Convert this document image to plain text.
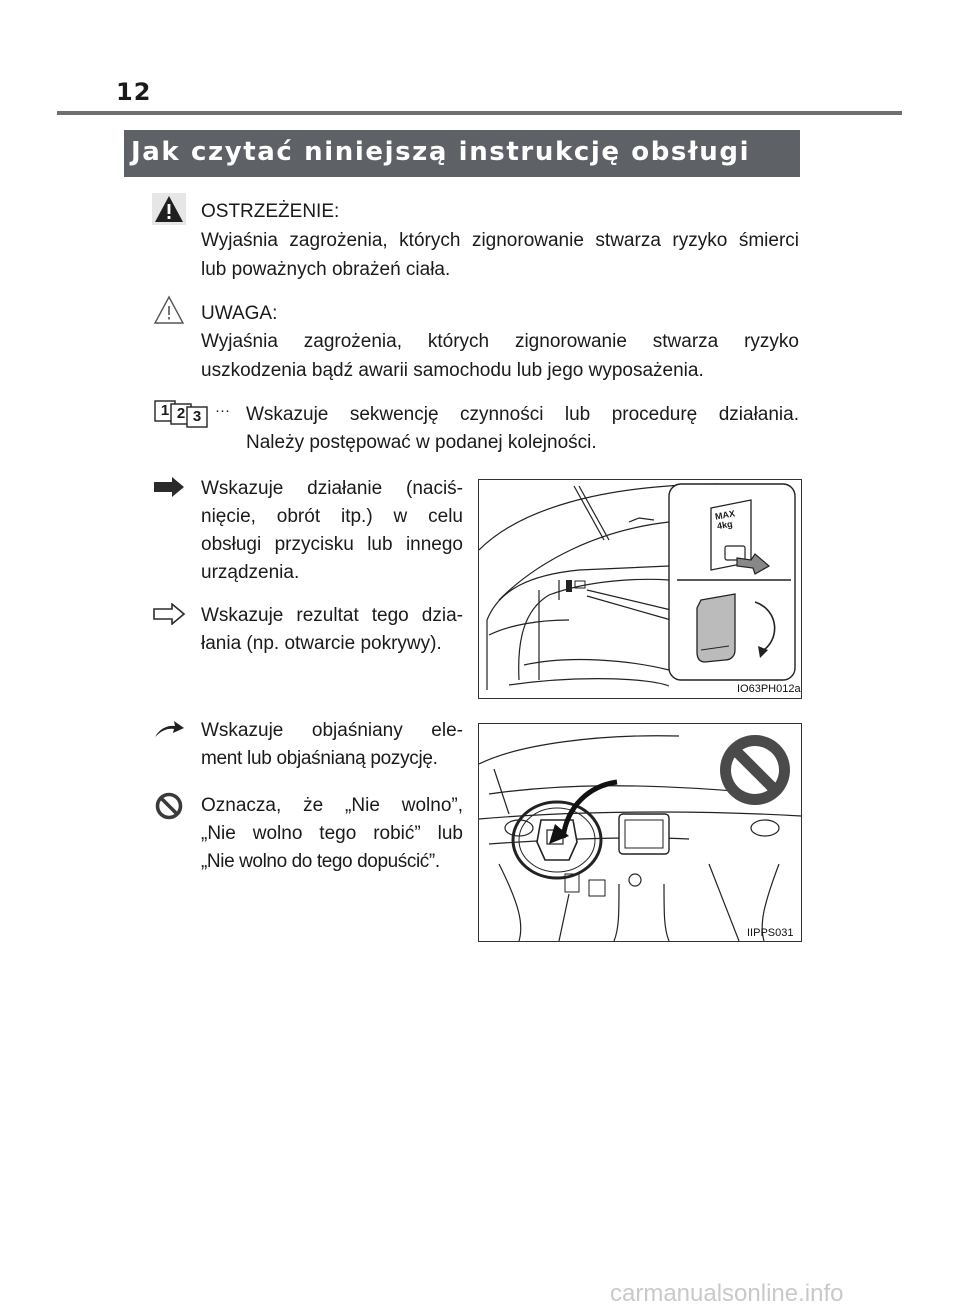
12
Jak czytać niniejszą instrukcję obsługi
OSTRZEŻENIE:
Wyjaśnia zagrożenia, których zignorowanie stwarza ryzyko śmierci
lub poważnych obrażeń ciała.
UWAGA:
Wyjaśnia zagrożenia, których zignorowanie stwarza ryzyko
uszkodzenia bądź awarii samochodu lub jego wyposażenia.
1 2 3 ··· Wskazuje sekwencję czynności lub procedurę działania.
Należy postępować w podanej kolejności.
Wskazuje działanie (naciś-
nięcie, obrót itp.) w celu
obsługi przycisku lub innego
urządzenia.
Wskazuje rezultat tego dzia-
łania (np. otwarcie pokrywy).
Wskazuje objaśniany ele-
ment lub objaśnianą pozycję.
Oznacza, że „Nie wolno”,
„Nie wolno tego robić” lub
„Nie wolno do tego dopuścić”.
MAX
4kg
IO63PH012a
IIPPS031
carmanualsonline.info
